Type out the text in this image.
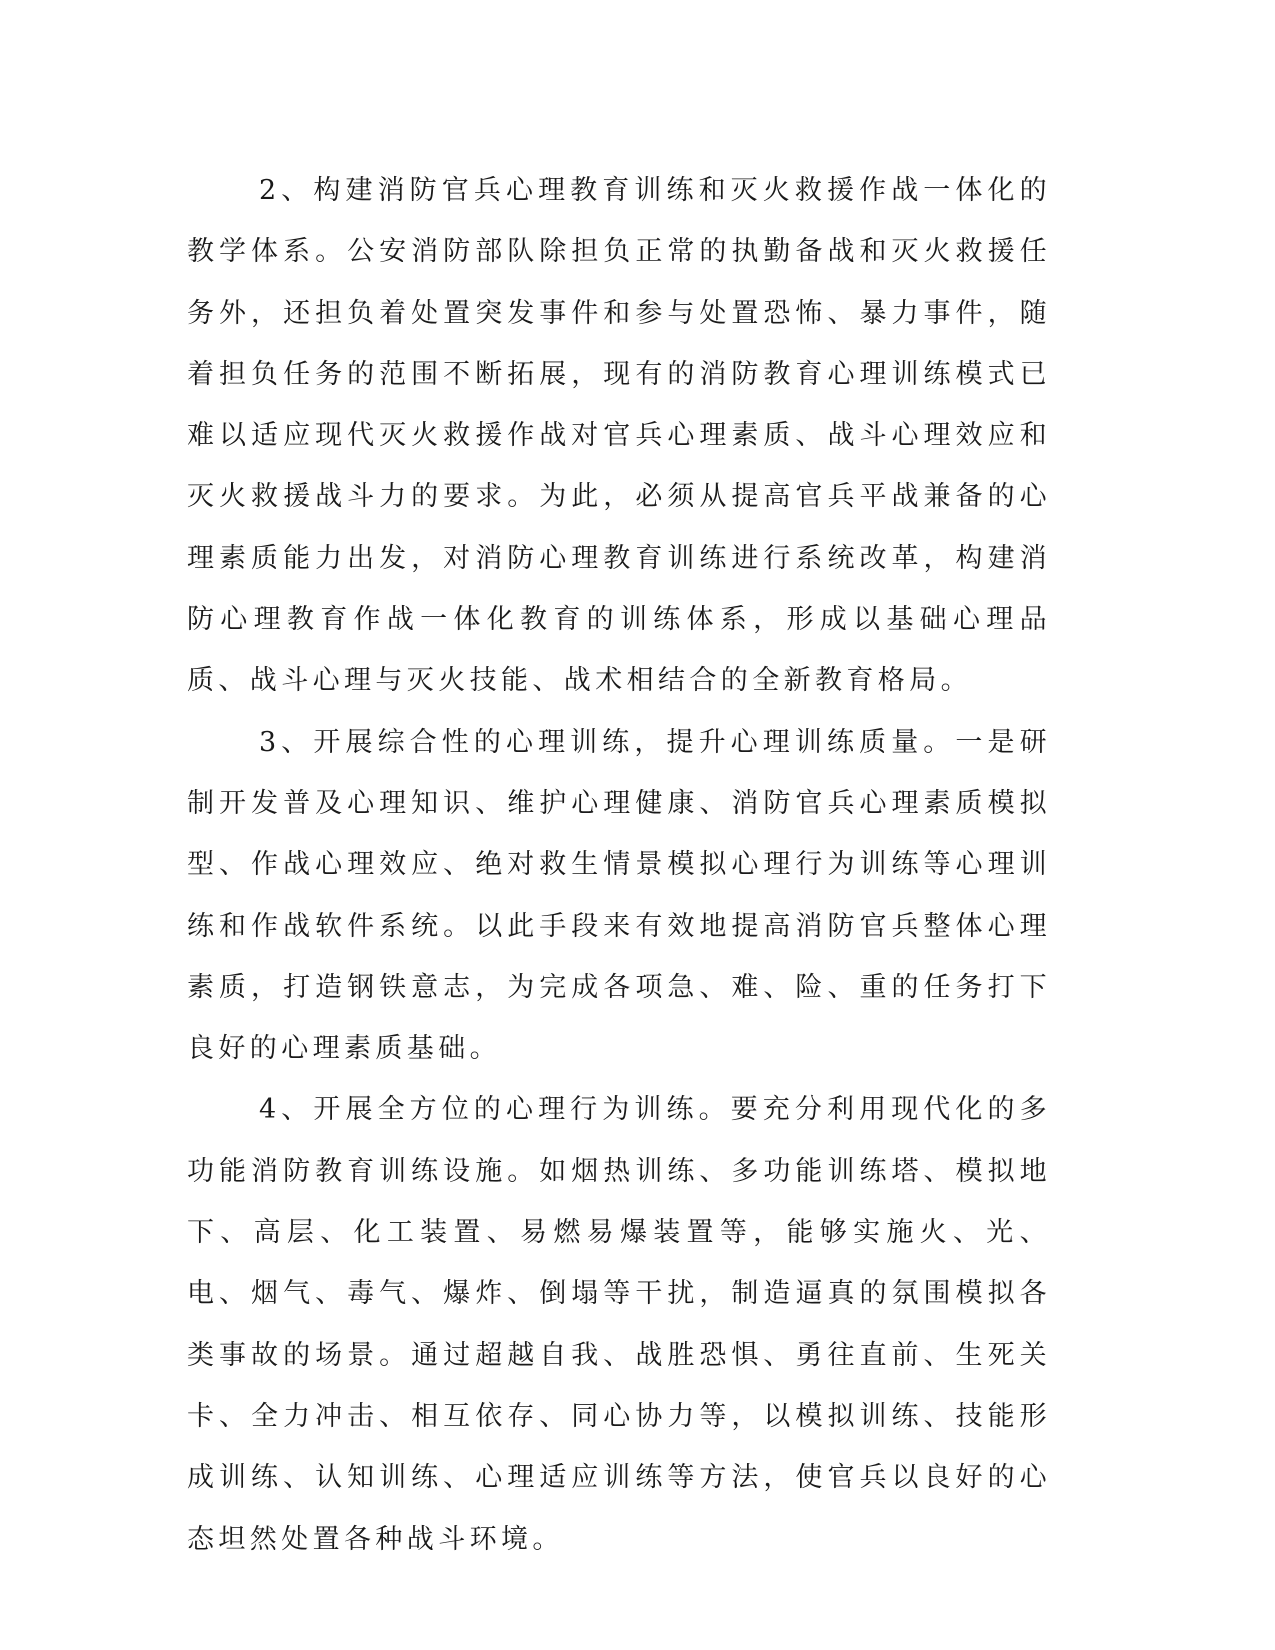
2、构建消防官兵心理教育训练和灭火救援作战一体化的教学体系。公安消防部队除担负正常的执勤备战和灭火救援任务外，还担负着处置突发事件和参与处置恐怖、暴力事件，随着担负任务的范围不断拓展，现有的消防教育心理训练模式已难以适应现代灭火救援作战对官兵心理素质、战斗心理效应和灭火救援战斗力的要求。为此，必须从提高官兵平战兼备的心理素质能力出发，对消防心理教育训练进行系统改革，构建消防心理教育作战一体化教育的训练体系，形成以基础心理品质、战斗心理与灭火技能、战术相结合的全新教育格局。

3、开展综合性的心理训练，提升心理训练质量。一是研制开发普及心理知识、维护心理健康、消防官兵心理素质模拟型、作战心理效应、绝对救生情景模拟心理行为训练等心理训练和作战软件系统。以此手段来有效地提高消防官兵整体心理素质，打造钢铁意志，为完成各项急、难、险、重的任务打下良好的心理素质基础。

4、开展全方位的心理行为训练。要充分利用现代化的多功能消防教育训练设施。如烟热训练、多功能训练塔、模拟地下、高层、化工装置、易燃易爆装置等，能够实施火、光、电、烟气、毒气、爆炸、倒塌等干扰，制造逼真的氛围模拟各类事故的场景。通过超越自我、战胜恐惧、勇往直前、生死关卡、全力冲击、相互依存、同心协力等，以模拟训练、技能形成训练、认知训练、心理适应训练等方法，使官兵以良好的心态坦然处置各种战斗环境。
